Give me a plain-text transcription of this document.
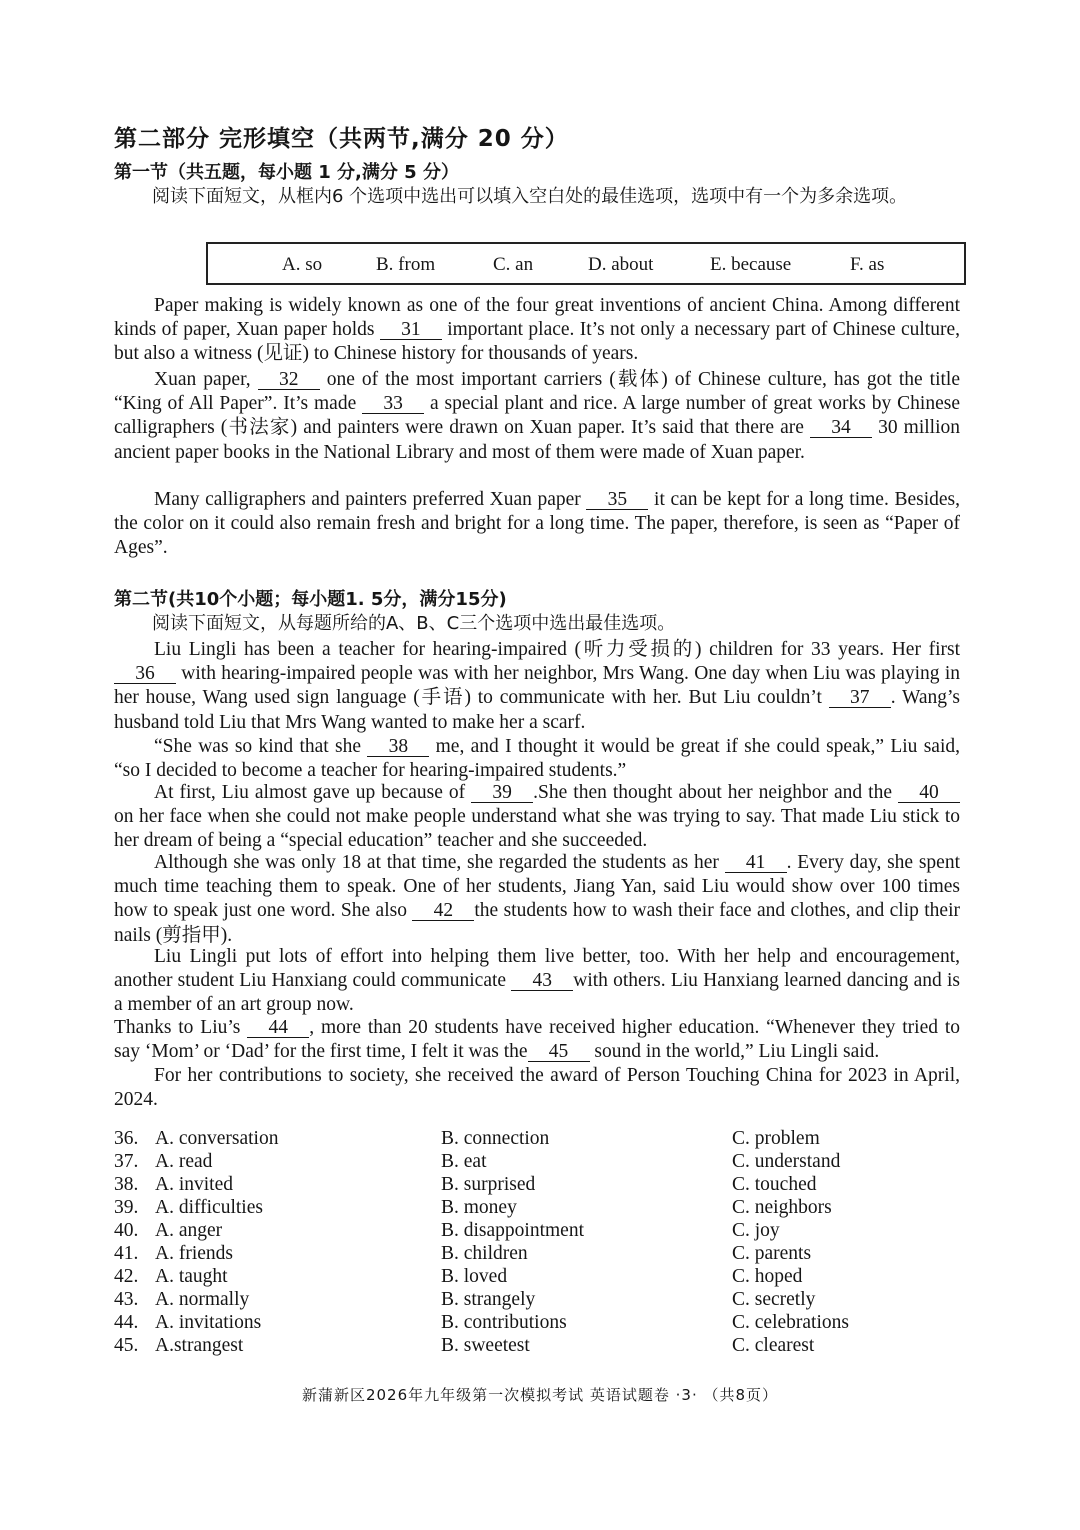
第二部分 完形填空（共两节,满分 20 分）
第一节（共五题，每小题 1 分,满分 5 分）
阅读下面短文，从框内6 个选项中选出可以填入空白处的最佳选项，选项中有一个为多余选项。
A. so	B. from	C. an	D. about	E. because	F. as

Paper making is widely known as one of the four great inventions of ancient China. Among different kinds of paper, Xuan paper holds 31 important place. It’s not only a necessary part of Chinese culture, but also a witness (见证) to Chinese history for thousands of years.

Xuan paper, 32 one of the most important carriers (载体) of Chinese culture, has got the title “King of All Paper”. It’s made 33 a special plant and rice. A large number of great works by Chinese calligraphers (书法家) and painters were drawn on Xuan paper. It’s said that there are 34 30 million ancient paper books in the National Library and most of them were made of Xuan paper.

Many calligraphers and painters preferred Xuan paper 35 it can be kept for a long time. Besides, the color on it could also remain fresh and bright for a long time. The paper, therefore, is seen as “Paper of Ages”.

第二节(共10个小题；每小题1. 5分，满分15分)
阅读下面短文，从每题所给的A、B、C三个选项中选出最佳选项。

Liu Lingli has been a teacher for hearing-impaired (听力受损的) children for 33 years. Her first 36 with hearing-impaired people was with her neighbor, Mrs Wang. One day when Liu was playing in her house, Wang used sign language (手语) to communicate with her. But Liu couldn’t 37 . Wang’s husband told Liu that Mrs Wang wanted to make her a scarf.

“She was so kind that she 38 me, and I thought it would be great if she could speak,” Liu said, “so I decided to become a teacher for hearing-impaired students.”

At first, Liu almost gave up because of 39 .She then thought about her neighbor and the 40 on her face when she could not make people understand what she was trying to say. That made Liu stick to her dream of being a “special education” teacher and she succeeded.

Although she was only 18 at that time, she regarded the students as her 41 . Every day, she spent much time teaching them to speak. One of her students, Jiang Yan, said Liu would show over 100 times how to speak just one word. She also 42 the students how to wash their face and clothes, and clip their nails (剪指甲).

Liu Lingli put lots of effort into helping them live better, too. With her help and encouragement, another student Liu Hanxiang could communicate 43 with others. Liu Hanxiang learned dancing and is a member of an art group now.

Thanks to Liu’s 44 , more than 20 students have received higher education. “Whenever they tried to say ‘Mom’ or ‘Dad’ for the first time, I felt it was the 45 sound in the world,” Liu Lingli said.

For her contributions to society, she received the award of Person Touching China for 2023 in April, 2024.

36. A. conversation	B. connection	C. problem
37. A. read	B. eat	C. understand
38. A. invited	B. surprised	C. touched
39. A. difficulties	B. money	C. neighbors
40. A. anger	B. disappointment	C. joy
41. A. friends	B. children	C. parents
42. A. taught	B. loved	C. hoped
43. A. normally	B. strangely	C. secretly
44. A. invitations	B. contributions	C. celebrations
45. A.strangest	B. sweetest	C. clearest
新蒲新区2026年九年级第一次模拟考试 英语试题卷 ·3· （共8页）
